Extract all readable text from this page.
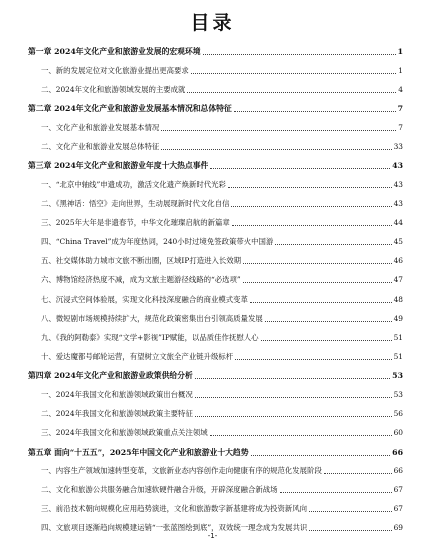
目录
第一章 2024年文化产业和旅游业发展的宏观环境	1
一、新的发展定位对文化旅游业提出更高要求	1
二、2024年文化和旅游领域发展的主要成就	4
第二章 2024年文化产业和旅游业发展基本情况和总体特征	7
一、文化产业和旅游业发展基本情况	7
二、文化产业和旅游业发展总体特征	33
第三章 2024年文化产业和旅游业年度十大热点事件	43
一、“北京中轴线”申遗成功，激活文化遗产焕新时代光彩	43
二、《黑神话：悟空》走向世界，生动展现新时代文化自信	43
三、2025年大年是非遗春节，中华文化璀璨启航的新篇章	44
四、“China Travel”成为年度热词，240小时过境免签政策带火中国游	45
五、社交媒体助力城市文旅不断出圈，区域IP打造进入长效期	46
六、博物馆经济热度不减，成为文旅主题游径线路的“必选项”	47
七、沉浸式空间体验展，实现文化科技深度融合的商业模式变革	48
八、微短剧市场规模持续扩大，规范化政策密集出台引领高质量发展	49
九、《我的阿勒泰》实现“文学+影视”IP赋能，以品质佳作抚慰人心	51
十、爱达魔都号邮轮运营，有望树立文旅全产业链升级标杆	51
第四章 2024年文化产业和旅游业政策供给分析	53
一、2024年我国文化和旅游领域政策出台概况	53
二、2024年我国文化和旅游领域政策主要特征	56
三、2024年我国文化和旅游领域政策重点关注领域	60
第五章 面向“十五五”，2025年中国文化产业和旅游业十大趋势	66
一、内容生产领域加速转型变革，文旅新业态内容创作走向健康有序的规范化发展阶段	66
二、文化和旅游公共服务融合加速软硬件融合升级，开辟深度融合新战场	67
三、前沿技术朝向规模化应用趋势演进，文化和旅游数字新基建将成为投资新风向	67
四、文旅项目逐渐趋向规模建运销“一张蓝图绘到底”，双效统一理念成为发展共识	69
-1-
